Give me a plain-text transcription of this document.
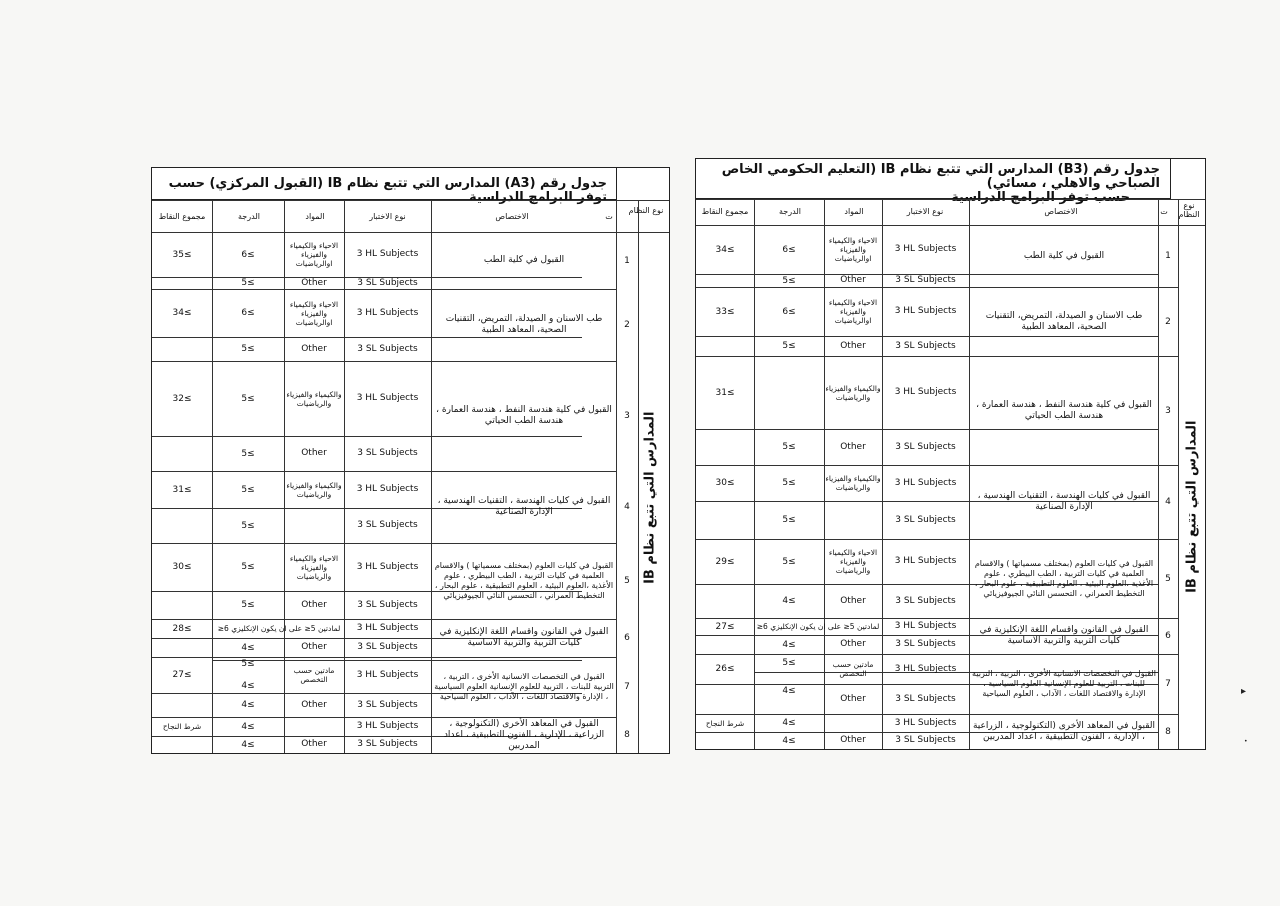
جدول رقم (A3) المدارس التي تتبع نظام IB (القبول المركزي) حسب توفر البرامج الدراسية
نوع النظام
ت
الاختصاص
نوع الاختبار
المواد
الدرجة
مجموع النقاط
المدارس التي تتبع نظام IB
1
القبول في كلية الطب
3 HL Subjects
الاحياء والكيمياء والفيزياء اوالرياضيات
6≤
3 SL Subjects
Other
5≤
35≤
2
طب الاسنان و الصيدلة، التمريض، التقنيات الصحية، المعاهد الطبية
3 HL Subjects
الاحياء والكيمياء والفيزياء اوالرياضيات
6≤
3 SL Subjects
Other
5≤
34≤
3
القبول في كلية هندسة النفط ، هندسة العمارة ، هندسة الطب الحياتي
3 HL Subjects
والكيمياء والفيزياء والرياضيات
5≤
3 SL Subjects
Other
5≤
32≤
4
القبول في كليات الهندسة ، التقنيات الهندسية ، الإدارة الصناعية
3 HL Subjects
والكيمياء والفيزياء والرياضيات
5≤
3 SL Subjects
5≤
31≤
5
القبول في كليات العلوم (بمختلف مسمياتها ) والاقسام العلمية في كليات التربية ، الطب البيطري ، علوم الأغذية ،العلوم البيئية ، العلوم التطبيقية ، علوم البحار ، التخطيط العمراني ، التحسس النائي الجيوفيزيائي
3 HL Subjects
الاحياء والكيمياء والفيزياء والرياضيات
5≤
3 SL Subjects
Other
5≤
30≤
6
القبول في القانون واقسام اللغة الإنكليزية في كليات التربية والتربية الاساسية
3 HL Subjects
لمادتين 5≤ على ان يكون الإنكليزي 6≤
3 SL Subjects
Other
4≤
28≤
7
القبول في التخصصات الانسانية الأخرى ، التربية ، التربية للبنات ، التربية للعلوم الإنسانية العلوم السياسية ، الإدارة والاقتصاد اللغات ، الآداب ، العلوم السياحية
3 HL Subjects
مادتين حسب التخصص
5≤
4≤
3 SL Subjects
Other
4≤
27≤
8
القبول في المعاهد الأخرى (التكنولوجية ، الزراعية ، الإدارية ، الفنون التطبيقية ، اعداد المدربين
3 HL Subjects
4≤
3 SL Subjects
Other
4≤
شرط النجاح
جدول رقم (B3) المدارس التي تتبع نظام IB (التعليم الحكومي الخاص الصباحي والاهلي ، مسائي)
حسب توفر البرامج الدراسية
نوع النظام
ت
الاختصاص
نوع الاختبار
المواد
الدرجة
مجموع النقاط
المدارس التي تتبع نظام IB
1
القبول في كلية الطب
3 HL Subjects
الاحياء والكيمياء والفيزياء اوالرياضيات
6≤
3 SL Subjects
Other
5≤
34≤
2
طب الاسنان و الصيدلة، التمريض، التقنيات الصحية، المعاهد الطبية
3 HL Subjects
الاحياء والكيمياء والفيزياء اوالرياضيات
6≤
3 SL Subjects
Other
5≤
33≤
3
القبول في كلية هندسة النفط ، هندسة العمارة ، هندسة الطب الحياتي
3 HL Subjects
والكيمياء والفيزياء والرياضيات
3 SL Subjects
Other
5≤
31≤
4
القبول في كليات الهندسة ، التقنيات الهندسية ، الإدارة الصناعية
3 HL Subjects
والكيمياء والفيزياء والرياضيات
5≤
3 SL Subjects
5≤
30≤
5
القبول في كليات العلوم (بمختلف مسمياتها ) والاقسام العلمية في كليات التربية ، الطب البيطري ، علوم الأغذية ،العلوم البيئية ، العلوم التطبيقية ، علوم البحار ، التخطيط العمراني ، التحسس النائي الجيوفيزيائي
3 HL Subjects
الاحياء والكيمياء والفيزياء والرياضيات
5≤
3 SL Subjects
Other
4≤
29≤
6
القبول في القانون واقسام اللغة الإنكليزية في كليات التربية والتربية الاساسية
3 HL Subjects
لمادتين 5≤ على ان يكون الإنكليزي 6≤
3 SL Subjects
Other
4≤
27≤
7
القبول في التخصصات الانسانية الأخرى ، التربية ، التربية للبنات ، التربية للعلوم الإنسانية العلوم السياسية ، الإدارة والاقتصاد اللغات ، الآداب ، العلوم السياحية
3 HL Subjects
مادتين حسب التخصص
5≤
4≤
3 SL Subjects
Other
26≤
8
القبول في المعاهد الأخرى (التكنولوجية ، الزراعية ، الإدارية ، الفنون التطبيقية ، اعداد المدربين
3 HL Subjects
4≤
3 SL Subjects
Other
4≤
شرط النجاح
▸
•
